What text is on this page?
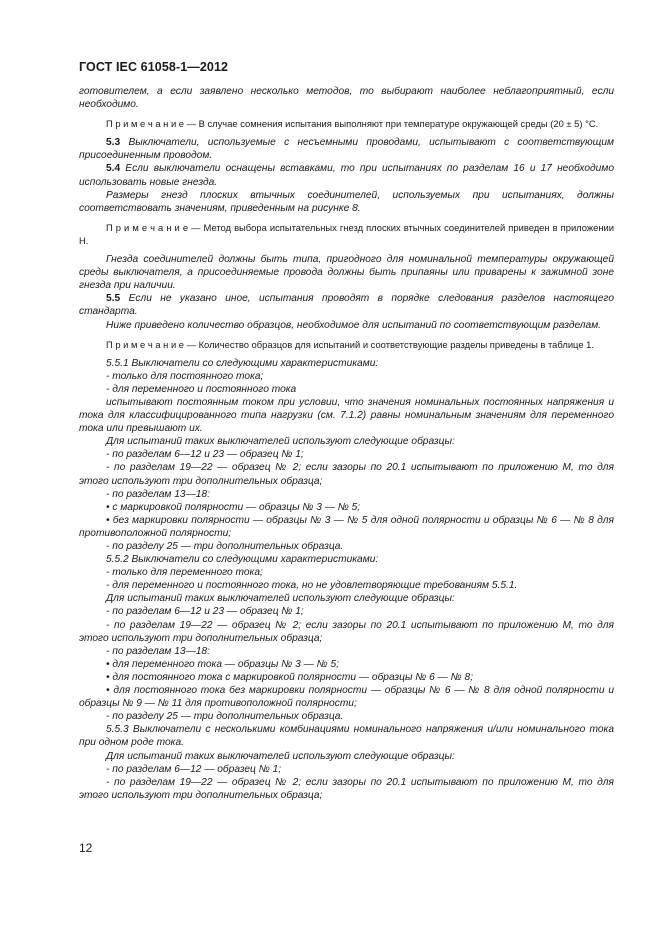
ГОСТ IEC 61058-1—2012

готовителем, а если заявлено несколько методов, то выбирают наиболее неблагоприятный, если необходимо.

П р и м е ч а н и е — В случае сомнения испытания выполняют при температуре окружающей среды (20 ± 5) °C.

5.3 Выключатели, используемые с несъемными проводами, испытывают с соответствующим присоединенным проводом.

5.4 Если выключатели оснащены вставками, то при испытаниях по разделам 16 и 17 необходимо использовать новые гнезда.

Размеры гнезд плоских втычных соединителей, используемых при испытаниях, должны соответствовать значениям, приведенным на рисунке 8.

П р и м е ч а н и е — Метод выбора испытательных гнезд плоских втычных соединителей приведен в приложении Н.

Гнезда соединителей должны быть типа, пригодного для номинальной температуры окружающей среды выключателя, а присоединяемые провода должны быть припаяны или приварены к зажимной зоне гнезда при наличии.

5.5 Если не указано иное, испытания проводят в порядке следования разделов настоящего стандарта.

Ниже приведено количество образцов, необходимое для испытаний по соответствующим разделам.

П р и м е ч а н и е — Количество образцов для испытаний и соответствующие разделы приведены в таблице 1.

5.5.1 Выключатели со следующими характеристиками:

- только для постоянного тока;

- для переменного и постоянного тока

испытывают постоянным током при условии, что значения номинальных постоянных напряжения и тока для классифицированного типа нагрузки (см. 7.1.2) равны номинальным значениям для переменного тока или превышают их.

Для испытаний таких выключателей используют следующие образцы:

- по разделам 6—12 и 23 — образец № 1;

- по разделам 19—22 — образец № 2; если зазоры по 20.1 испытывают по приложению М, то для этого используют три дополнительных образца;

- по разделам 13—18:

• с маркировкой полярности — образцы № 3 — № 5;

• без маркировки полярности — образцы № 3 — № 5 для одной полярности и образцы № 6 — № 8 для противоположной полярности;

- по разделу 25 — три дополнительных образца.

5.5.2 Выключатели со следующими характеристиками:

- только для переменного тока;

- для переменного и постоянного тока, но не удовлетворяющие требованиям 5.5.1.

Для испытаний таких выключателей используют следующие образцы:

- по разделам 6—12 и 23 — образец № 1;

- по разделам 19—22 — образец № 2; если зазоры по 20.1 испытывают по приложению М, то для этого используют три дополнительных образца;

- по разделам 13—18:

• для переменного тока — образцы № 3 — № 5;

• для постоянного тока с маркировкой полярности — образцы № 6 — № 8;

• для постоянного тока без маркировки полярности — образцы № 6 — № 8 для одной полярности и образцы № 9 — № 11 для противоположной полярности;

- по разделу 25 — три дополнительных образца.

5.5.3 Выключатели с несколькими комбинациями номинального напряжения и/или номинального тока при одном роде тока.

Для испытаний таких выключателей используют следующие образцы:

- по разделам 6—12 — образец № 1;

- по разделам 19—22 — образец № 2; если зазоры по 20.1 испытывают по приложению М, то для этого используют три дополнительных образца;

12
